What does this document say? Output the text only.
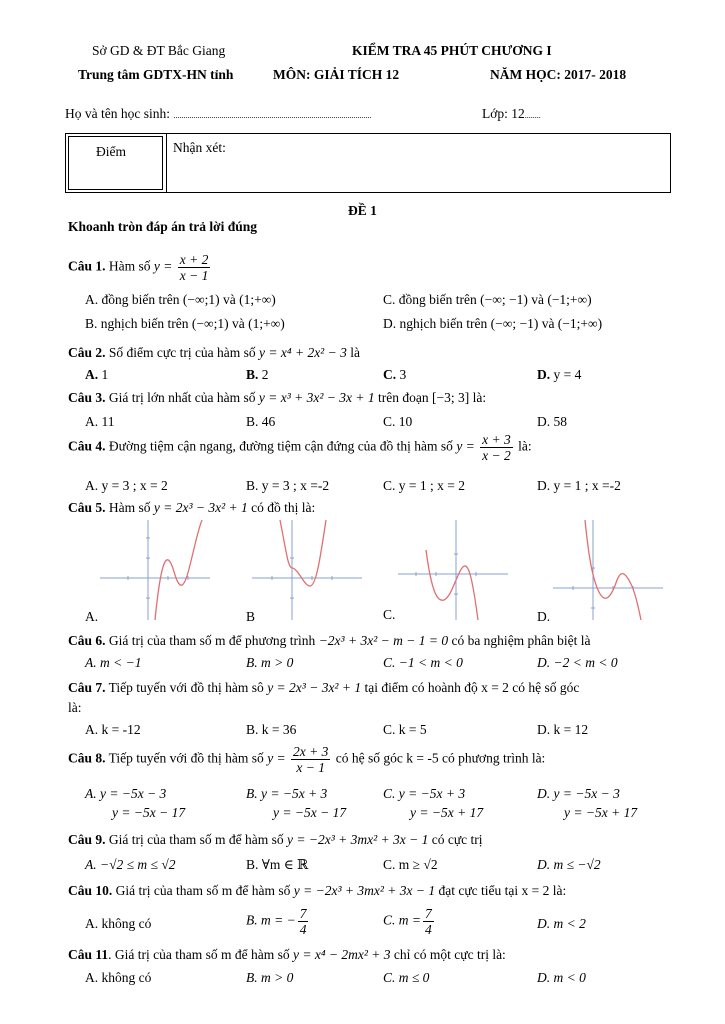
Sở GD & ĐT Bắc Giang	KIỂM TRA 45 PHÚT CHƯƠNG I
Trung tâm GDTX-HN tỉnh	MÔN: GIẢI TÍCH 12	NĂM HỌC: 2017- 2018
Họ và tên học sinh: ...................................................................................................	Lớp: 12........
Điểm	Nhận xét:
ĐỀ 1
Khoanh tròn đáp án trả lời đúng
Câu 1. Hàm số $y = \frac{x + 2}{x - 1}$
A. đồng biến trên (−∞;1) và (1;+∞)	C. đồng biến trên (−∞; −1) và (−1;+∞)
B. nghịch biến trên (−∞;1) và (1;+∞)	D. nghịch biến trên (−∞; −1) và (−1;+∞)
Câu 2. Số điểm cực trị của hàm số y = x⁴ + 2x² − 3 là
A. 1	B. 2	C. 3	D. y = 4
Câu 3. Giá trị lớn nhất của hàm số y = x³ + 3x² − 3x + 1 trên đoạn [−3; 3] là:
A. 11	B. 46	C. 10	D. 58
Câu 4. Đường tiệm cận ngang, đường tiệm cận đứng của đồ thị hàm số $y = \frac{x + 3}{x - 2}$ là:
A. y = 3 ; x = 2	B. y = 3 ; x =-2	C. y = 1 ; x = 2	D. y = 1 ; x =-2
Câu 5. Hàm số y = 2x³ − 3x² + 1 có đồ thị là:
A.	B	C.	D.
Câu 6. Giá trị của tham số m để phương trình −2x³ + 3x² − m − 1 = 0 có ba nghiệm phân biệt là
A. m < −1	B. m > 0	C. −1 < m < 0	D. −2 < m < 0
Câu 7. Tiếp tuyến với đồ thị hàm sô y = 2x³ − 3x² + 1 tại điểm có hoành độ x = 2 có hệ số góc
là:
A. k = -12	B. k = 36	C. k = 5	D. k = 12
Câu 8. Tiếp tuyến với đồ thị hàm số $y = \frac{2x + 3}{x - 1}$ có hệ số góc k = -5 có phương trình là:
A. y = −5x − 3
y = −5x − 17
B. y = −5x + 3
y = −5x − 17
C. y = −5x + 3
y = −5x + 17
D. y = −5x − 3
y = −5x + 17
Câu 9. Giá trị của tham số m để hàm số y = −2x³ + 3mx² + 3x − 1 có cực trị
A. −√2 ≤ m ≤ √2	B. ∀m ∈ ℝ	C. m ≥ √2	D. m ≤ −√2
Câu 10. Giá trị của tham số m để hàm số y = −2x³ + 3mx² + 3x − 1 đạt cực tiểu tại x = 2 là:
A. không có	B. m = − $\frac{7}{4}$	C. $m = \frac{7}{4}$	D. m < 2
Câu 11. Giá trị của tham số m để hàm số y = x⁴ − 2mx² + 3 chỉ có một cực trị là:
A. không có	B. m > 0	C. m ≤ 0	D. m < 0
